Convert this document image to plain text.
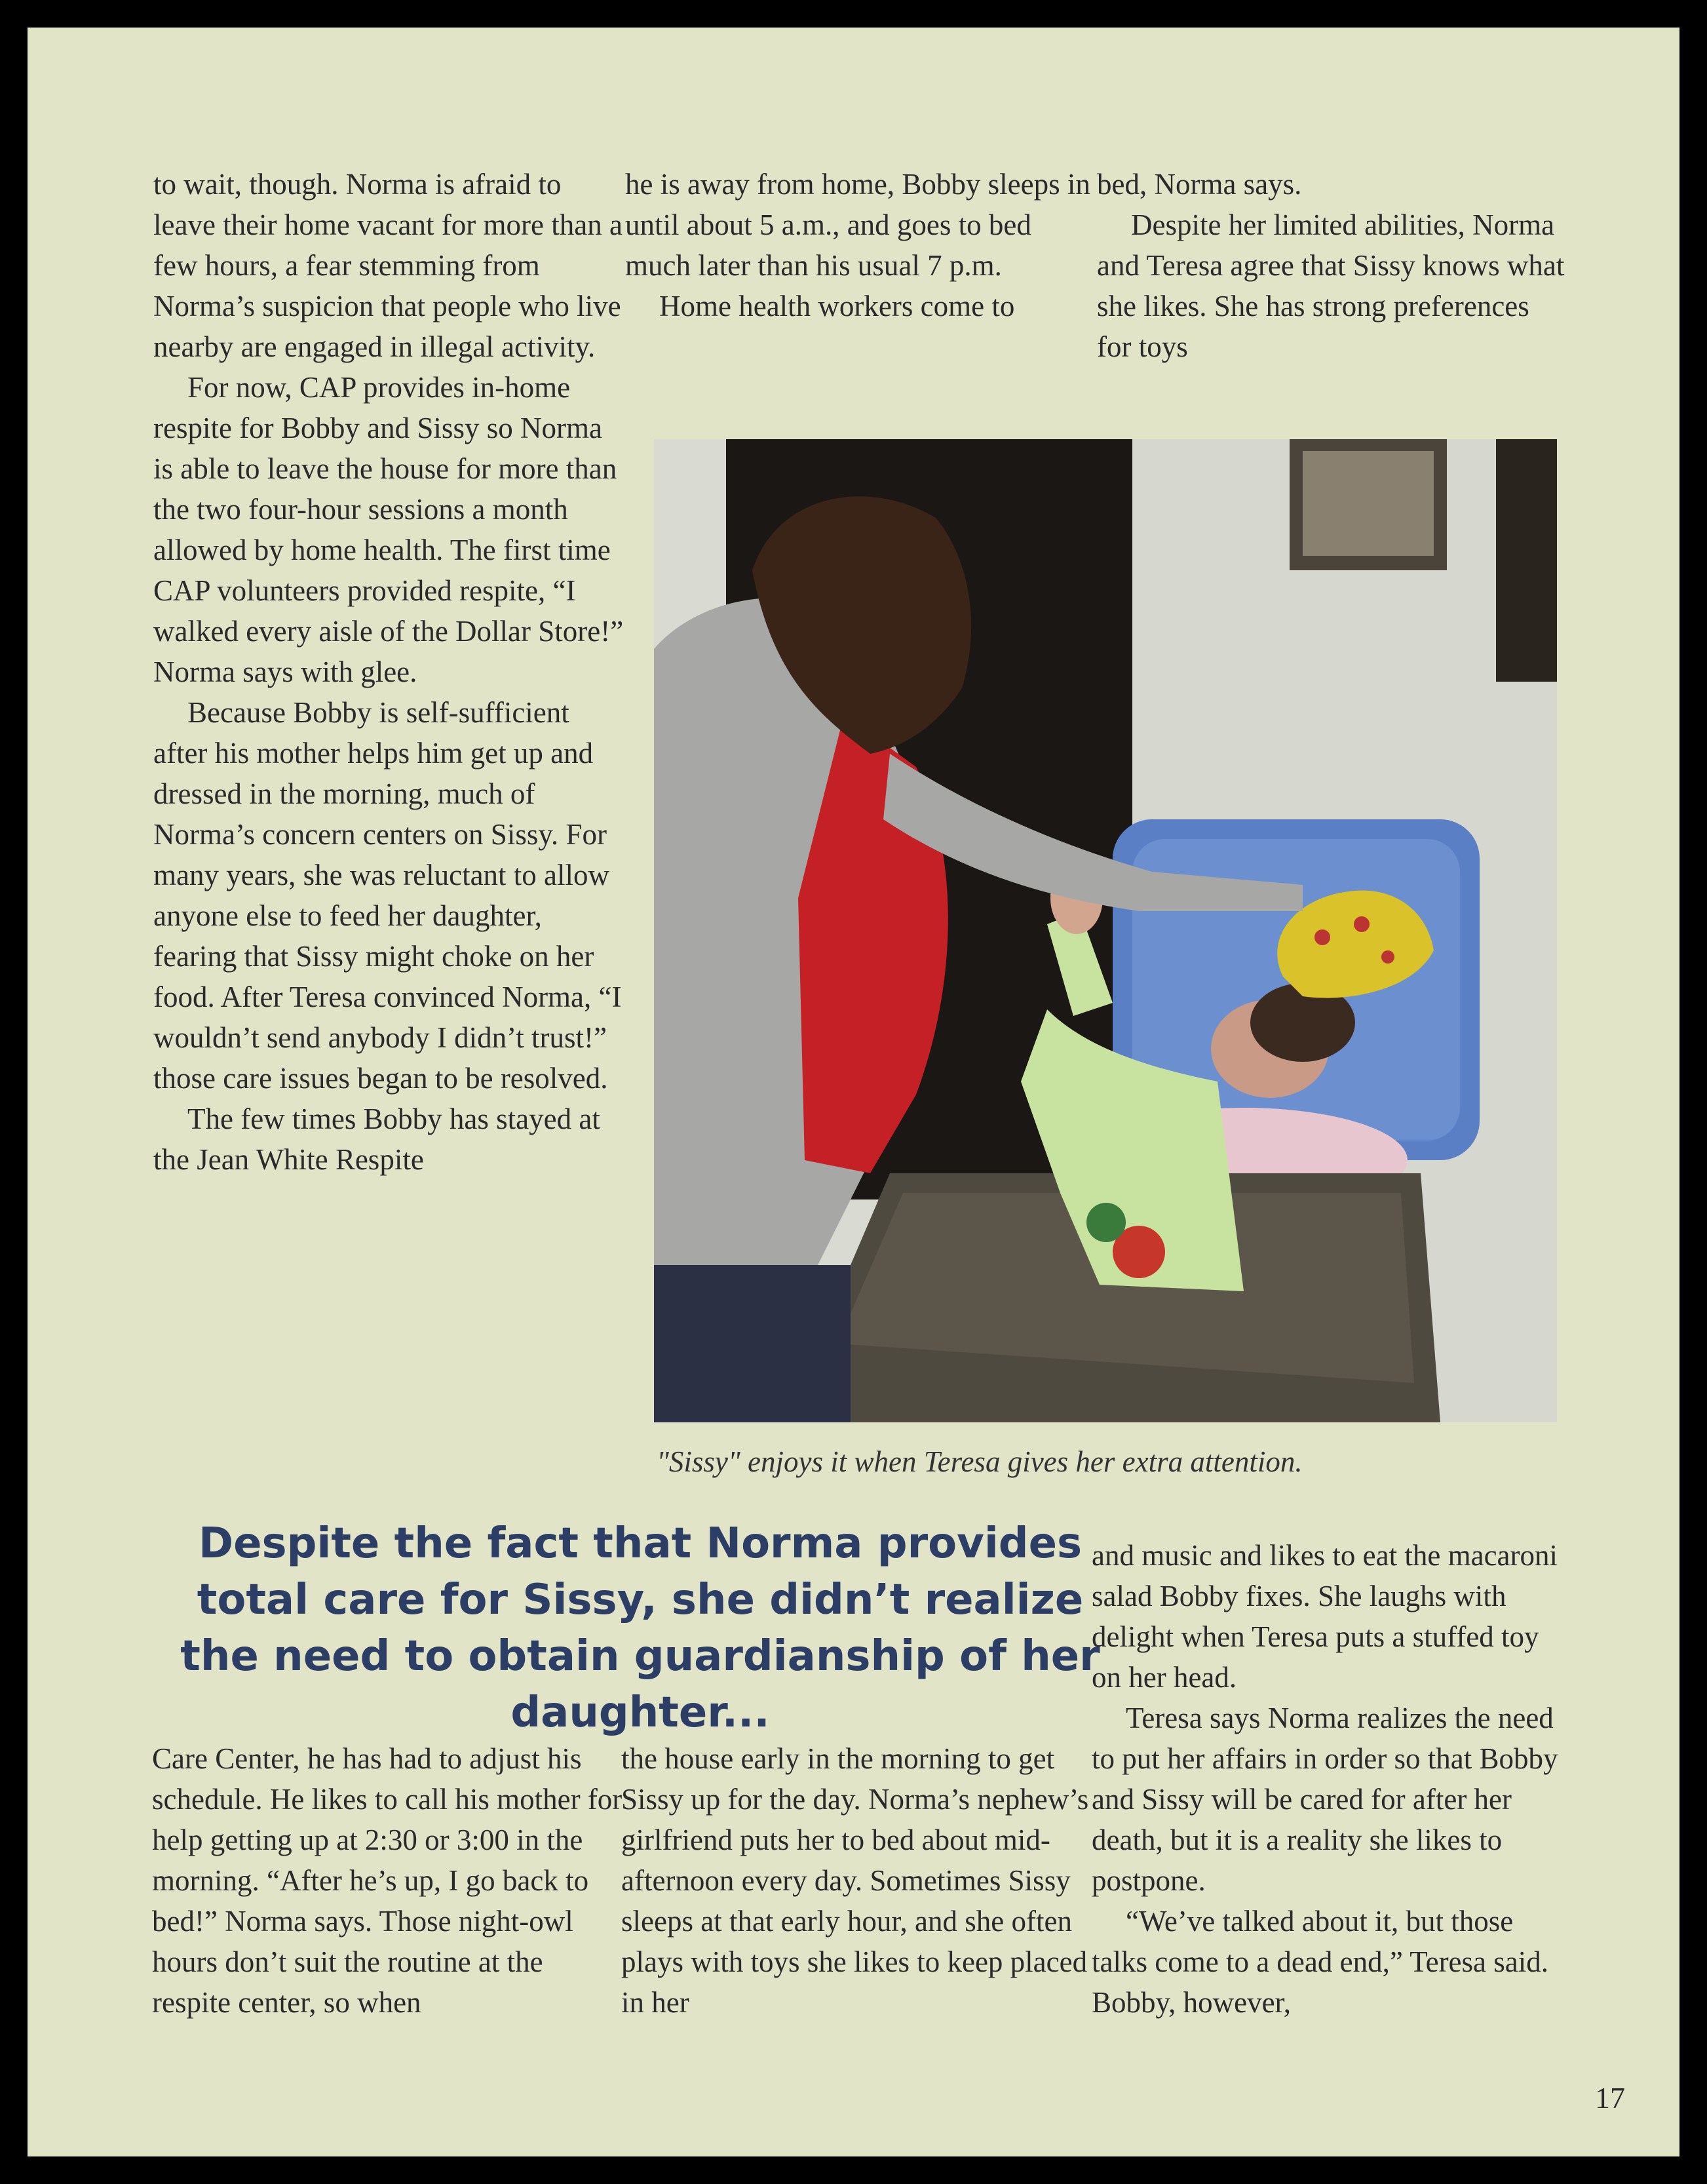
to wait, though. Norma is afraid to leave their home vacant for more than a few hours, a fear stemming from Norma’s suspicion that people who live nearby are engaged in illegal activity.

For now, CAP provides in-home respite for Bobby and Sissy so Norma is able to leave the house for more than the two four-hour sessions a month allowed by home health. The first time CAP volunteers provided respite, “I walked every aisle of the Dollar Store!” Norma says with glee.

Because Bobby is self-sufficient after his mother helps him get up and dressed in the morning, much of Norma’s concern centers on Sissy. For many years, she was reluctant to allow anyone else to feed her daughter, fearing that Sissy might choke on her food. After Teresa convinced Norma, “I wouldn’t send anybody I didn’t trust!” those care issues began to be resolved.

The few times Bobby has stayed at the Jean White Respite

he is away from home, Bobby sleeps in until about 5 a.m., and goes to bed much later than his usual 7 p.m.

Home health workers come to

bed, Norma says.

Despite her limited abilities, Norma and Teresa agree that Sissy knows what she likes. She has strong preferences for toys

"Sissy" enjoys it when Teresa gives her extra attention.

Despite the fact that Norma provides total care for Sissy, she didn’t realize the need to obtain guardianship of her daughter...

Care Center, he has had to adjust his schedule. He likes to call his mother for help getting up at 2:30 or 3:00 in the morning. “After he’s up, I go back to bed!” Norma says. Those night-owl hours don’t suit the routine at the respite center, so when

the house early in the morning to get Sissy up for the day. Norma’s nephew’s girlfriend puts her to bed about mid-afternoon every day. Sometimes Sissy sleeps at that early hour, and she often plays with toys she likes to keep placed in her

and music and likes to eat the macaroni salad Bobby fixes. She laughs with delight when Teresa puts a stuffed toy on her head.

Teresa says Norma realizes the need to put her affairs in order so that Bobby and Sissy will be cared for after her death, but it is a reality she likes to postpone.

“We’ve talked about it, but those talks come to a dead end,” Teresa said. Bobby, however,

17
